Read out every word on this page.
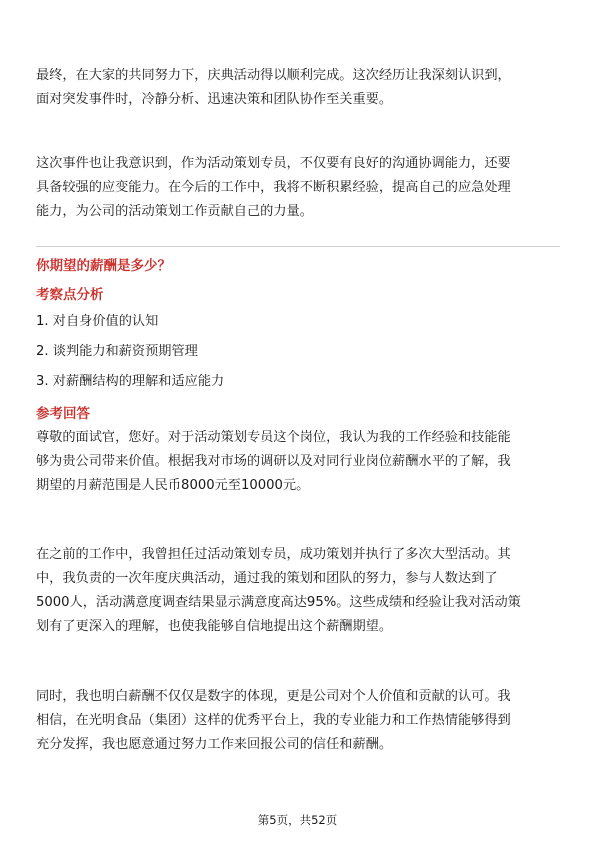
最终，在大家的共同努力下，庆典活动得以顺利完成。这次经历让我深刻认识到，
面对突发事件时，冷静分析、迅速决策和团队协作至关重要。

这次事件也让我意识到，作为活动策划专员，不仅要有良好的沟通协调能力，还要
具备较强的应变能力。在今后的工作中，我将不断积累经验，提高自己的应急处理
能力，为公司的活动策划工作贡献自己的力量。

你期望的薪酬是多少？
考察点分析
1. 对自身价值的认知
2. 谈判能力和薪资预期管理
3. 对薪酬结构的理解和适应能力
参考回答

尊敬的面试官，您好。对于活动策划专员这个岗位，我认为我的工作经验和技能能
够为贵公司带来价值。根据我对市场的调研以及对同行业岗位薪酬水平的了解，我
期望的月薪范围是人民币8000元至10000元。

在之前的工作中，我曾担任过活动策划专员，成功策划并执行了多次大型活动。其
中，我负责的一次年度庆典活动，通过我的策划和团队的努力，参与人数达到了
5000人，活动满意度调查结果显示满意度高达95%。这些成绩和经验让我对活动策
划有了更深入的理解，也使我能够自信地提出这个薪酬期望。

同时，我也明白薪酬不仅仅是数字的体现，更是公司对个人价值和贡献的认可。我
相信，在光明食品（集团）这样的优秀平台上，我的专业能力和工作热情能够得到
充分发挥，我也愿意通过努力工作来回报公司的信任和薪酬。

第5页，共52页
